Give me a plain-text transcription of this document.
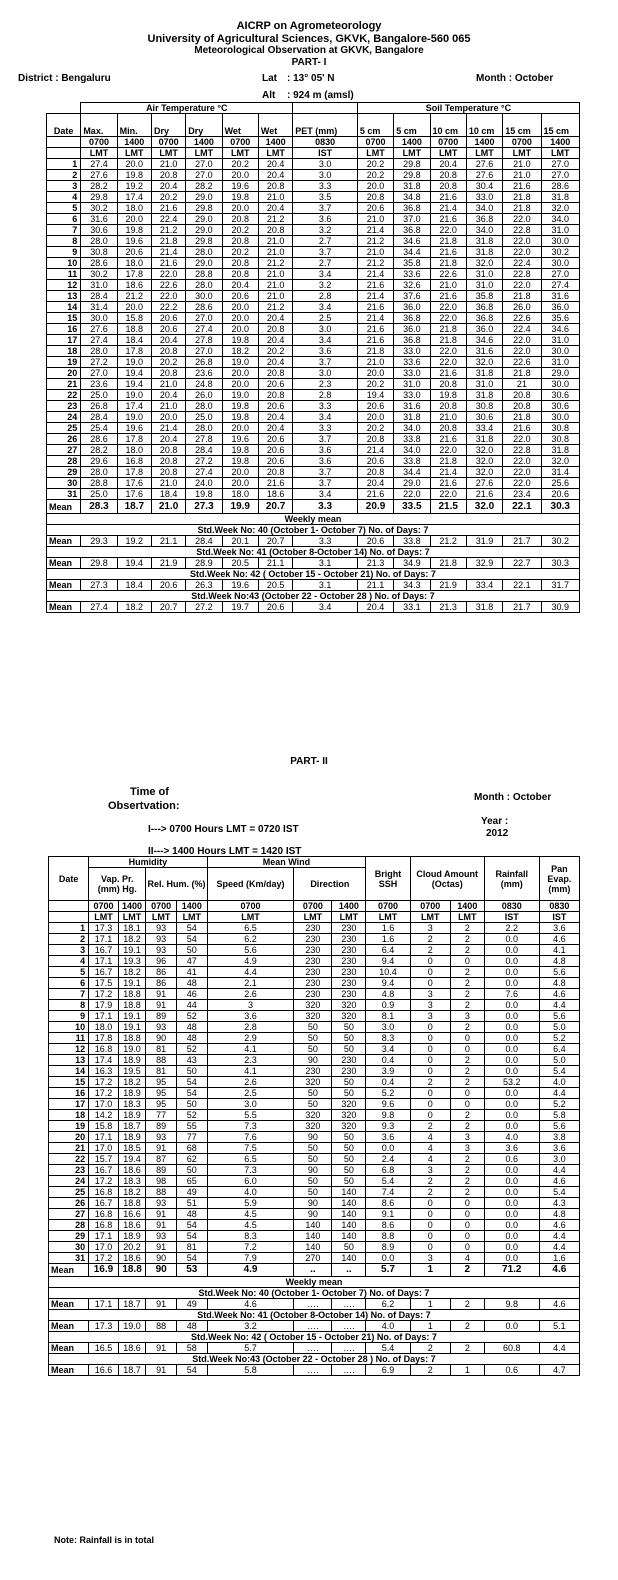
AICRP on Agrometeorology
University of Agricultural Sciences, GKVK, Bangalore-560 065
Meteorological Observation at GKVK, Bangalore
PART- I
District : Bengaluru	Lat : 13° 05' N	Month : October
Alt : 924 m (amsl)
	Air Temperature °C							Soil Temperature °C					
Date	Max.	Min.	Dry	Dry	Wet	Wet	PET (mm)	5 cm	5 cm	10 cm	10 cm	15 cm	15 cm
	0700	1400	0700	1400	0700	1400	0830	0700	1400	0700	1400	0700	1400
	LMT	LMT	LMT	LMT	LMT	LMT	IST	LMT	LMT	LMT	LMT	LMT	LMT
1	27.4	20.0	21.0	27.0	20.2	20.4	3.0	20.2	29.8	20.4	27.6	21.0	27.0
2	27.6	19.8	20.8	27.0	20.0	20.4	3.0	20.2	29.8	20.8	27.6	21.0	27.0
3	28.2	19.2	20.4	28.2	19.6	20.8	3.3	20.0	31.8	20.8	30.4	21.6	28.6
4	29.8	17.4	20.2	29.0	19.8	21.0	3.5	20.8	34.8	21.6	33.0	21.8	31.8
5	30.2	18.0	21.6	29.8	20.0	20.4	3.7	20.6	36.8	21.4	34.0	21.8	32.0
6	31.6	20.0	22.4	29.0	20.8	21.2	3.6	21.0	37.0	21.6	36.8	22.0	34.0
7	30.6	19.8	21.2	29.0	20.2	20.8	3.2	21.4	36.8	22.0	34.0	22.8	31.0
8	28.0	19.6	21.8	29.8	20.8	21.0	2.7	21.2	34.6	21.8	31.8	22.0	30.0
9	30.8	20.6	21.4	28.0	20.2	21.0	3.7	21.0	34.4	21.6	31.8	22.0	30.2
10	28.6	18.0	21.6	29.0	20.8	21.2	2.7	21.2	35.8	21.8	32.0	22.4	30.0
11	30.2	17.8	22.0	28.8	20.8	21.0	3.4	21.4	33.6	22.6	31.0	22.8	27.0
12	31.0	18.6	22.6	28.0	20.4	21.0	3.2	21.6	32.6	21.0	31.0	22.0	27.4
13	28.4	21.2	22.0	30.0	20.6	21.0	2.8	21.4	37.6	21.6	35.8	21.8	31.6
14	31.4	20.0	22.2	28.6	20.0	21.2	3.4	21.6	36.0	22.0	36.8	26.0	36.0
15	30.0	15.8	20.6	27.0	20.0	20.4	2.5	21.4	36.8	22.0	36.8	22.6	35.6
16	27.6	18.8	20.6	27.4	20.0	20.8	3.0	21.6	36.0	21.8	36.0	22.4	34.6
17	27.4	18.4	20.4	27.8	19.8	20.4	3.4	21.6	36.8	21.8	34.6	22.0	31.0
18	28.0	17.8	20.8	27.0	18.2	20.2	3.6	21.8	33.0	22.0	31.6	22.0	30.0
19	27.2	19.0	20.2	26.8	19.0	20.4	3.7	21.0	33.6	22.0	32.0	22.6	31.0
20	27.0	19.4	20.8	23.6	20.0	20.8	3.0	20.0	33.0	21.6	31.8	21.8	29.0
21	23.6	19.4	21.0	24.8	20.0	20.6	2.3	20.2	31.0	20.8	31.0	21	30.0
22	25.0	19.0	20.4	26.0	19.0	20.8	2.8	19.4	33.0	19.8	31.8	20.8	30.6
23	26.8	17.4	21.0	28.0	19.8	20.6	3.3	20.6	31.6	20.8	30.8	20.8	30.6
24	28.4	19.0	20.0	25.0	19.8	20.4	3.4	20.0	31.8	21.0	30.6	21.8	30.0
25	25.4	19.6	21.4	28.0	20.0	20.4	3.3	20.2	34.0	20.8	33.4	21.6	30.8
26	28.6	17.8	20.4	27.8	19.6	20.6	3.7	20.8	33.8	21.6	31.8	22.0	30.8
27	28.2	18.0	20.8	28.4	19.8	20.6	3.6	21.4	34.0	22.0	32.0	22.8	31.8
28	29.6	16.8	20.8	27.2	19.8	20.6	3.6	20.6	33.8	21.8	32.0	22.0	32.0
29	28.0	17.8	20.8	27.4	20.0	20.8	3.7	20.8	34.4	21.4	32.0	22.0	31.4
30	28.8	17.6	21.0	24.0	20.0	21.6	3.7	20.4	29.0	21.6	27.6	22.0	25.6
31	25.0	17.6	18.4	19.8	18.0	18.6	3.4	21.6	22.0	22.0	21.6	23.4	20.6
Mean	28.3	18.7	21.0	27.3	19.9	20.7	3.3	20.9	33.5	21.5	32.0	22.1	30.3
Weekly mean													
Std.Week No: 40 (October 1- October 7) No. of Days: 7													
Mean	29.3	19.2	21.1	28.4	20.1	20.7	3.3	20.6	33.8	21.2	31.9	21.7	30.2
Std.Week No: 41 (October 8-October 14) No. of Days: 7													
Mean	29.8	19.4	21.9	28.9	20.5	21.1	3.1	21.3	34.9	21.8	32.9	22.7	30.3
Std.Week No: 42 ( October 15 - October 21) No. of Days: 7													
Mean	27.3	18.4	20.6	26.3	19.6	20.5	3.1	21.1	34.3	21.9	33.4	22.1	31.7
Std.Week No:43 (October 22 - October 28 ) No. of Days: 7													
Mean	27.4	18.2	20.7	27.2	19.7	20.6	3.4	20.4	33.1	21.3	31.8	21.7	30.9
PART- II
Time of
Obsertvation:
Month : October
I---> 0700 Hours LMT = 0720 IST
Year :
2012
II---> 1400 Hours LMT = 1420 IST
Date	Humidity				Mean Wind			Bright SSH	Cloud Amount (Octas)		Rainfall (mm)	Pan Evap. (mm)
	Vap. Pr. (mm) Hg.		Rel. Hum. (%)		Speed (Km/day)	Direction						
	0700	1400	0700	1400	0700	0700	1400	0700	0700	1400	0830	0830
	LMT	LMT	LMT	LMT	LMT	LMT	LMT	LMT	LMT	LMT	IST	IST
1	17.3	18.1	93	54	6.5	230	230	1.6	3	2	2.2	3.6
2	17.1	18.2	93	54	6.2	230	230	1.6	2	2	0.0	4.6
3	16.7	19.1	93	50	5.6	230	230	6.4	2	2	0.0	4.1
4	17.1	19.3	96	47	4.9	230	230	9.4	0	0	0.0	4.8
5	16.7	18.2	86	41	4.4	230	230	10.4	0	2	0.0	5.6
6	17.5	19.1	86	48	2.1	230	230	9.4	0	2	0.0	4.8
7	17.2	18.8	91	46	2.6	230	230	4.8	3	2	7.6	4.6
8	17.9	18.8	91	44	3	320	320	0.9	3	2	0.0	4.4
9	17.1	19.1	89	52	3.6	320	320	8.1	3	3	0.0	5.6
10	18.0	19.1	93	48	2.8	50	50	3.0	0	2	0.0	5.0
11	17.8	18.8	90	48	2.9	50	50	8.3	0	0	0.0	5.2
12	16.8	19.0	81	52	4.1	50	50	3.4	0	0	0.0	6.4
13	17.4	18.9	88	43	2.3	90	230	0.4	0	2	0.0	5.0
14	16.3	19.5	81	50	4.1	230	230	3.9	0	2	0.0	5.4
15	17.2	18.2	95	54	2.6	320	50	0.4	2	2	53.2	4.0
16	17.2	18.9	95	54	2.5	50	50	5.2	0	0	0.0	4.4
17	17.0	18.3	95	50	3.0	50	320	9.6	0	0	0.0	5.2
18	14.2	18.9	77	52	5.5	320	320	9.8	0	2	0.0	5.8
19	15.8	18.7	89	55	7.3	320	320	9.3	2	2	0.0	5.6
20	17.1	18.9	93	77	7.6	90	50	3.6	4	3	4.0	3.8
21	17.0	18.5	91	68	7.5	50	50	0.0	4	3	3.6	3.6
22	15.7	19.4	87	62	6.5	50	50	2.4	4	2	0.6	3.0
23	16.7	18.6	89	50	7.3	90	50	6.8	3	2	0.0	4.4
24	17.2	18.3	98	65	6.0	50	50	5.4	2	2	0.0	4.6
25	16.8	18.2	88	49	4.0	50	140	7.4	2	2	0.0	5.4
26	16.7	18.8	93	51	5.9	90	140	8.6	0	0	0.0	4.3
27	16.8	16.6	91	48	4.5	90	140	9.1	0	0	0.0	4.8
28	16.8	18.6	91	54	4.5	140	140	8.6	0	0	0.0	4.6
29	17.1	18.9	93	54	8.3	140	140	8.8	0	0	0.0	4.4
30	17.0	20.2	91	81	7.2	140	50	8.9	0	0	0.0	4.4
31	17.2	18.6	90	54	7.9	270	140	0.0	3	4	0.0	1.6
Mean	16.9	18.8	90	53	4.9	..	..	5.7	1	2	71.2	4.6
Weekly mean												
Std.Week No: 40 (October 1- October 7) No. of Days: 7												
Mean	17.1	18.7	91	49	4.6	….	….	6.2	1	2	9.8	4.6
Std.Week No: 41 (October 8-October 14) No. of Days: 7												
Mean	17.3	19.0	88	48	3.2	….	….	4.0	1	2	0.0	5.1
Std.Week No: 42 ( October 15 - October 21) No. of Days: 7												
Mean	16.5	18.6	91	58	5.7	….	….	5.4	2	2	60.8	4.4
Std.Week No:43 (October 22 - October 28 ) No. of Days: 7												
Mean	16.6	18.7	91	54	5.8	….	….	6.9	2	1	0.6	4.7
Note: Rainfall is in total
